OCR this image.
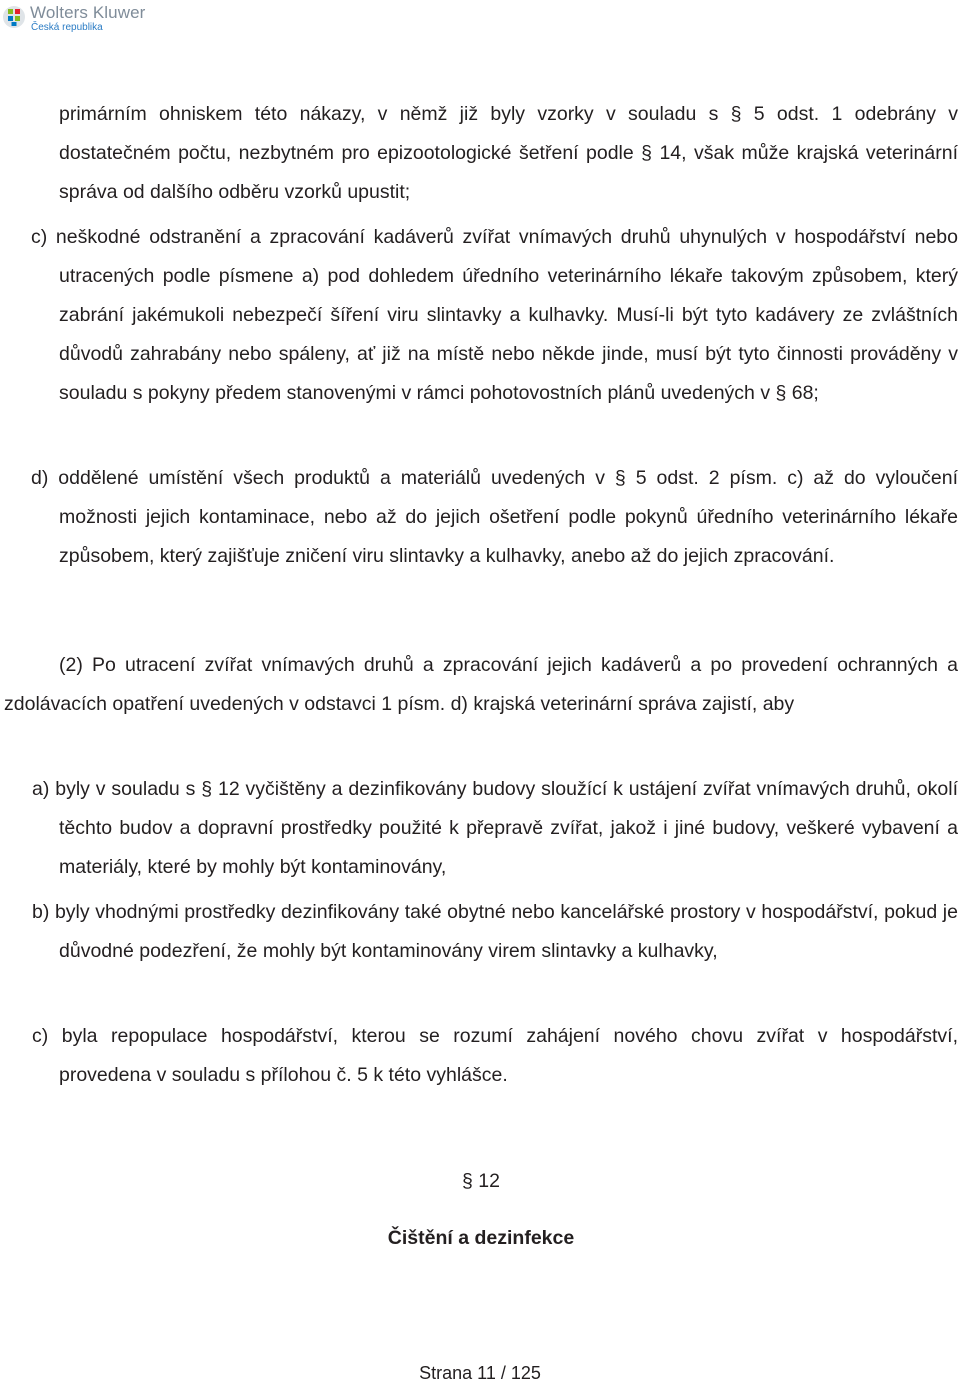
Wolters Kluwer
Česká republika

primárním ohniskem této nákazy, v němž již byly vzorky v souladu s § 5 odst. 1 odebrány v dostatečném počtu, nezbytném pro epizootologické šetření podle § 14, však může krajská veterinární správa od dalšího odběru vzorků upustit;

c) neškodné odstranění a zpracování kadáverů zvířat vnímavých druhů uhynulých v hospodářství nebo utracených podle písmene a) pod dohledem úředního veterinárního lékaře takovým způsobem, který zabrání jakémukoli nebezpečí šíření viru slintavky a kulhavky. Musí-li být tyto kadávery ze zvláštních důvodů zahrabány nebo spáleny, ať již na místě nebo někde jinde, musí být tyto činnosti prováděny v souladu s pokyny předem stanovenými v rámci pohotovostních plánů uvedených v § 68;

d) oddělené umístění všech produktů a materiálů uvedených v § 5 odst. 2 písm. c) až do vyloučení možnosti jejich kontaminace, nebo až do jejich ošetření podle pokynů úředního veterinárního lékaře způsobem, který zajišťuje zničení viru slintavky a kulhavky, anebo až do jejich zpracování.

(2) Po utracení zvířat vnímavých druhů a zpracování jejich kadáverů a po provedení ochranných a zdolávacích opatření uvedených v odstavci 1 písm. d) krajská veterinární správa zajistí, aby

a) byly v souladu s § 12 vyčištěny a dezinfikovány budovy sloužící k ustájení zvířat vnímavých druhů, okolí těchto budov a dopravní prostředky použité k přepravě zvířat, jakož i jiné budovy, veškeré vybavení a materiály, které by mohly být kontaminovány,

b) byly vhodnými prostředky dezinfikovány také obytné nebo kancelářské prostory v hospodářství, pokud je důvodné podezření, že mohly být kontaminovány virem slintavky a kulhavky,

c) byla repopulace hospodářství, kterou se rozumí zahájení nového chovu zvířat v hospodářství, provedena v souladu s přílohou č. 5 k této vyhlášce.

§ 12
Čištění a dezinfekce
Strana 11 / 125
